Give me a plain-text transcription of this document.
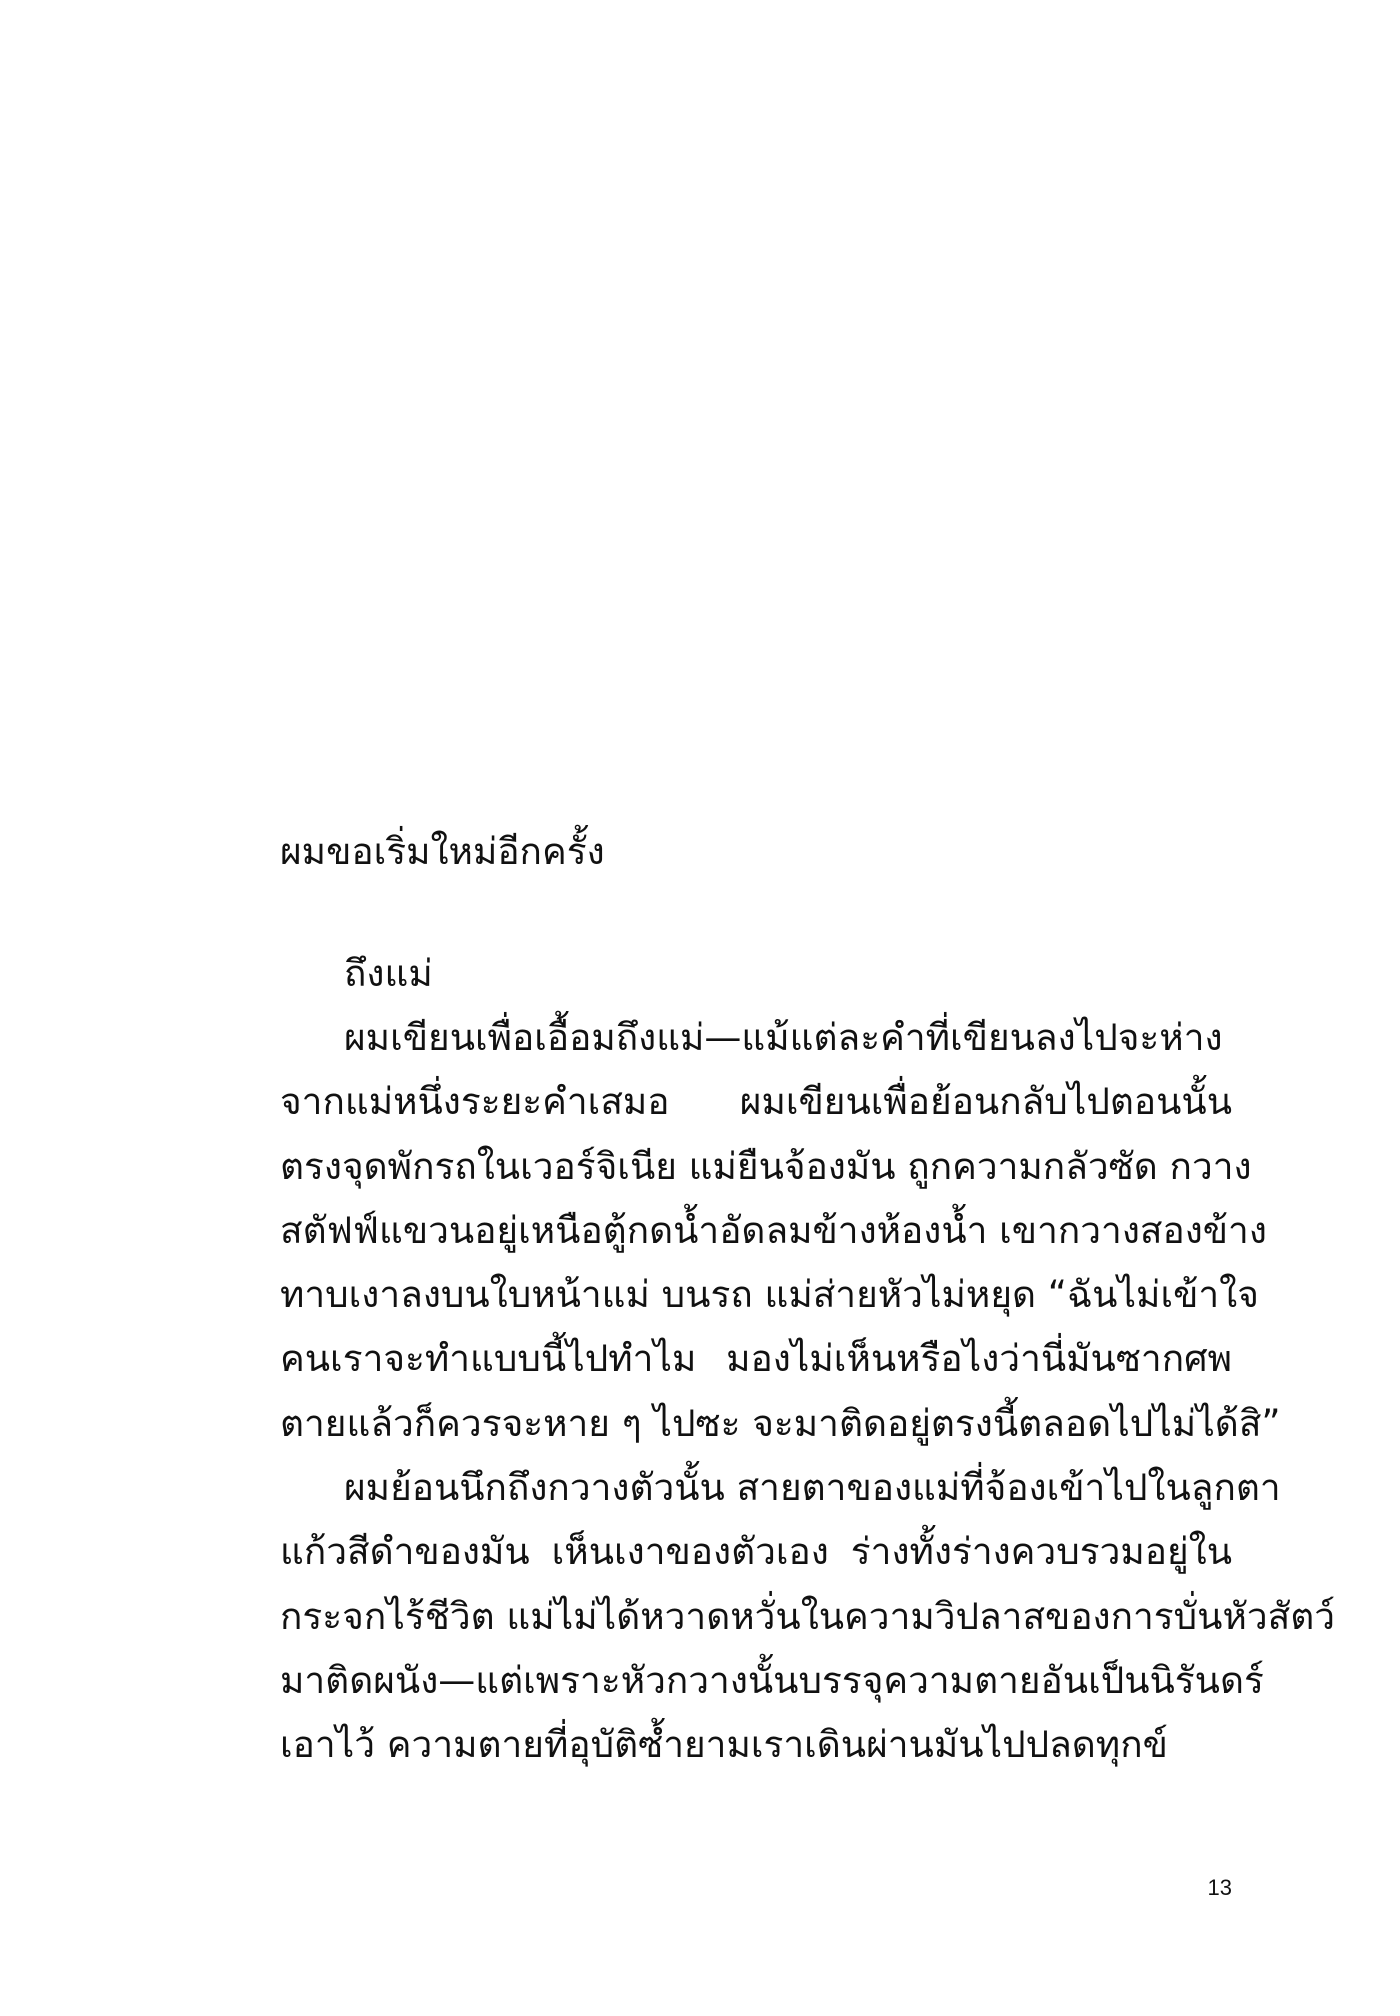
ผมขอเริ่มใหม่อีกครั้ง
ถึงแม่
ผมเขียนเพื่อเอื้อมถึงแม่—แม้แต่ละคำที่เขียนลงไปจะห่าง
จากแม่หนึ่งระยะคำเสมอ ผมเขียนเพื่อย้อนกลับไปตอนนั้น
ตรงจุดพักรถในเวอร์จิเนีย แม่ยืนจ้องมัน ถูกความกลัวซัด กวาง
สตัฟฟ์แขวนอยู่เหนือตู้กดน้ำอัดลมข้างห้องน้ำ เขากวางสองข้าง
ทาบเงาลงบนใบหน้าแม่ บนรถ แม่ส่ายหัวไม่หยุด “ฉันไม่เข้าใจ
คนเราจะทำแบบนี้ไปทำไม มองไม่เห็นหรือไงว่านี่มันซากศพ
ตายแล้วก็ควรจะหาย ๆ ไปซะ จะมาติดอยู่ตรงนี้ตลอดไปไม่ได้สิ”
ผมย้อนนึกถึงกวางตัวนั้น สายตาของแม่ที่จ้องเข้าไปในลูกตา
แก้วสีดำของมัน เห็นเงาของตัวเอง ร่างทั้งร่างควบรวมอยู่ใน
กระจกไร้ชีวิต แม่ไม่ได้หวาดหวั่นในความวิปลาสของการบั่นหัวสัตว์
มาติดผนัง—แต่เพราะหัวกวางนั้นบรรจุความตายอันเป็นนิรันดร์
เอาไว้ ความตายที่อุบัติซ้ำยามเราเดินผ่านมันไปปลดทุกข์
13
